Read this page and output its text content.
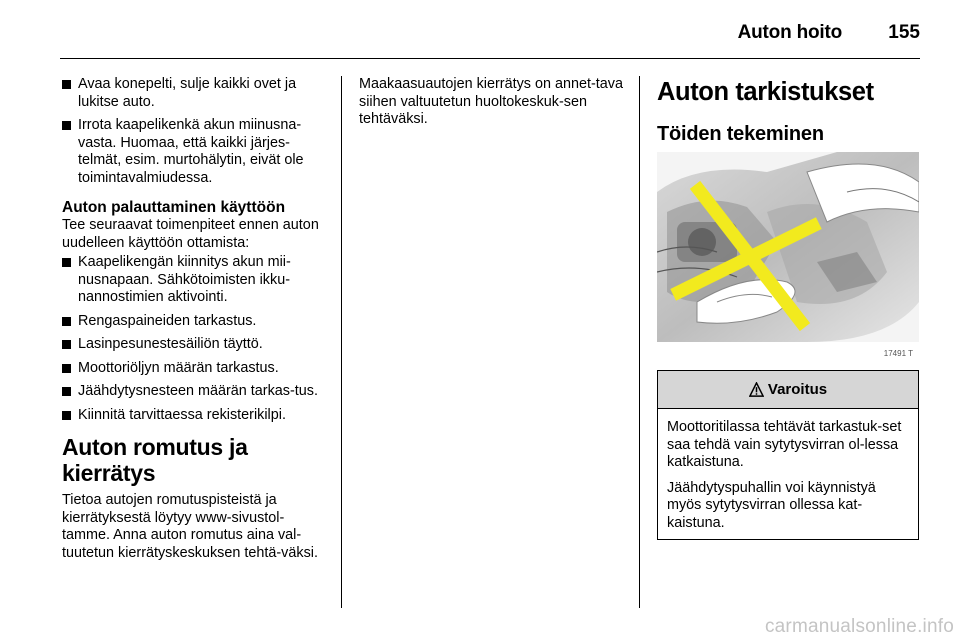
Auton hoito 155
Avaa konepelti, sulje kaikki ovet ja lukitse auto.
Irrota kaapelikenkä akun miinusna-vasta. Huomaa, että kaikki järjes-telmät, esim. murtohälytin, eivät ole toimintavalmiudessa.
Auton palauttaminen käyttöön
Tee seuraavat toimenpiteet ennen auton uudelleen käyttöön ottamista:
Kaapelikengän kiinnitys akun mii-nusnapaan. Sähkötoimisten ikku-nannostimien aktivointi.
Rengaspaineiden tarkastus.
Lasinpesunestesäiliön täyttö.
Moottoriöljyn määrän tarkastus.
Jäähdytysnesteen määrän tarkas-tus.
Kiinnitä tarvittaessa rekisterikilpi.
Auton romutus ja kierrätys
Tietoa autojen romutuspisteistä ja kierrätyksestä löytyy www-sivustol-tamme. Anna auton romutus aina val-tuutetun kierrätyskeskuksen tehtä-väksi.
Maakaasuautojen kierrätys on annet-tava siihen valtuutetun huoltokeskuk-sen tehtäväksi.
Auton tarkistukset
Töiden tekeminen
17491 T
Varoitus

Moottoritilassa tehtävät tarkastuk-set saa tehdä vain sytytysvirran ol-lessa katkaistuna.

Jäähdytyspuhallin voi käynnistyä myös sytytysvirran ollessa kat-kaistuna.

carmanualsonline.info
